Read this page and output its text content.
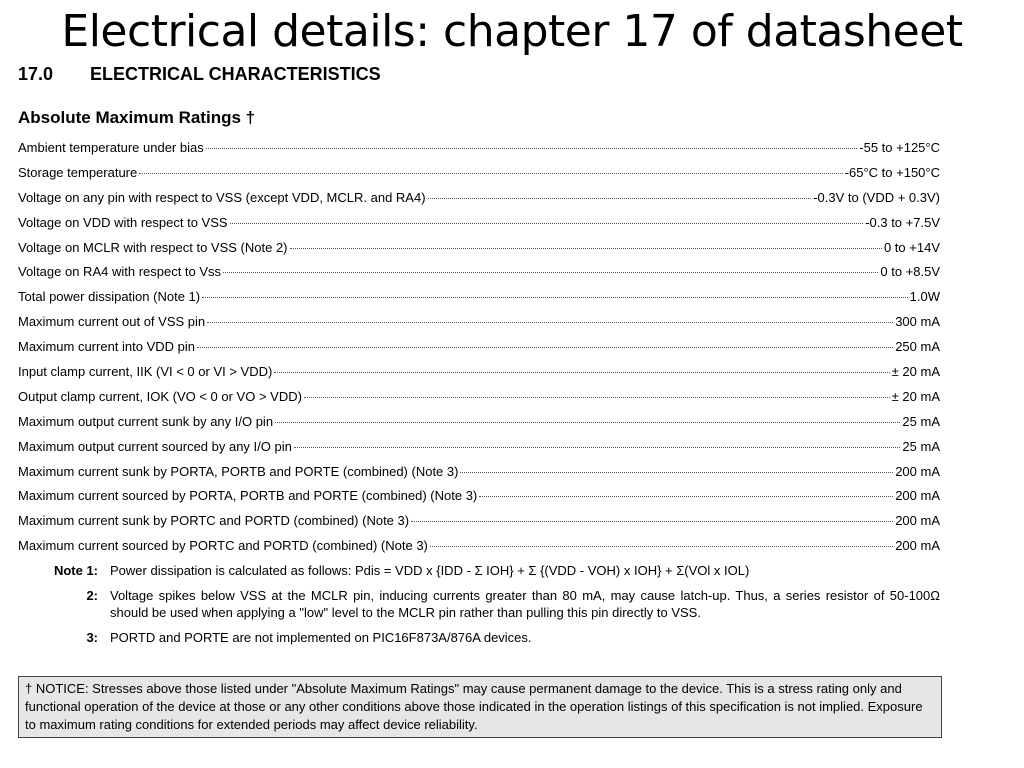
Electrical details: chapter 17 of datasheet
17.0 ELECTRICAL CHARACTERISTICS
Absolute Maximum Ratings †
Ambient temperature under bias	-55 to +125°C
Storage temperature	-65°C to +150°C
Voltage on any pin with respect to VSS (except VDD, MCLR. and RA4)	-0.3V to (VDD + 0.3V)
Voltage on VDD with respect to VSS	-0.3 to +7.5V
Voltage on MCLR with respect to VSS (Note 2)	0 to +14V
Voltage on RA4 with respect to Vss	0 to +8.5V
Total power dissipation (Note 1)	1.0W
Maximum current out of VSS pin	300 mA
Maximum current into VDD pin	250 mA
Input clamp current, IIK (VI < 0 or VI > VDD)	± 20 mA
Output clamp current, IOK (VO < 0 or VO > VDD)	± 20 mA
Maximum output current sunk by any I/O pin	25 mA
Maximum output current sourced by any I/O pin	25 mA
Maximum current sunk by PORTA, PORTB and PORTE (combined) (Note 3)	200 mA
Maximum current sourced by PORTA, PORTB and PORTE (combined) (Note 3)	200 mA
Maximum current sunk by PORTC and PORTD (combined) (Note 3)	200 mA
Maximum current sourced by PORTC and PORTD (combined) (Note 3)	200 mA
Note 1: Power dissipation is calculated as follows: Pdis = VDD x {IDD - Σ IOH} + Σ {(VDD - VOH) x IOH} + Σ(VOl x IOL)
2: Voltage spikes below VSS at the MCLR pin, inducing currents greater than 80 mA, may cause latch-up. Thus, a series resistor of 50-100Ω should be used when applying a "low" level to the MCLR pin rather than pulling this pin directly to VSS.
3: PORTD and PORTE are not implemented on PIC16F873A/876A devices.
† NOTICE: Stresses above those listed under "Absolute Maximum Ratings" may cause permanent damage to the device. This is a stress rating only and functional operation of the device at those or any other conditions above those indicated in the operation listings of this specification is not implied. Exposure to maximum rating conditions for extended periods may affect device reliability.
